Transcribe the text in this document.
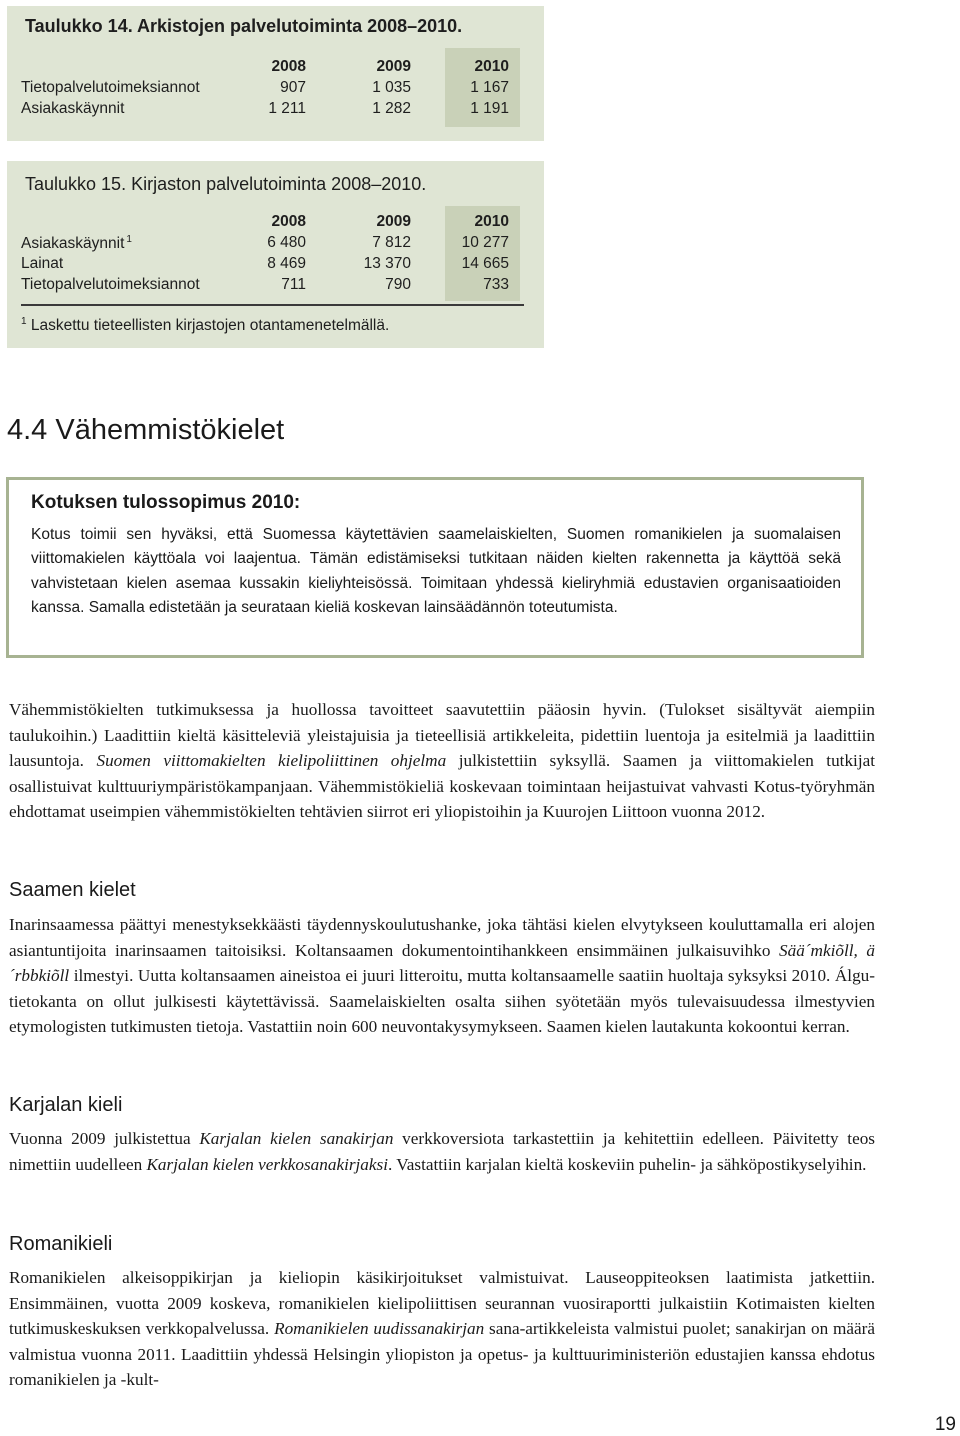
Taulukko 14. Arkistojen palvelutoiminta 2008–2010.
2008	2009	2010
Tietopalvelutoimeksiannot	907	1 035	1 167
Asiakaskäynnit	1 211	1 282	1 191
Taulukko 15. Kirjaston palvelutoiminta 2008–2010.
2008	2009	2010
Asiakaskäynnit $^1$	6 480	7 812	10 277
Lainat	8 469	13 370	14 665
Tietopalvelutoimeksiannot	711	790	733
$^1$ Laskettu tieteellisten kirjastojen otantamenetelmällä.
4.4 Vähemmistökielet
Kotuksen tulossopimus 2010:
Kotus toimii sen hyväksi, että Suomessa käytettävien saamelaiskielten, Suomen romanikielen ja suomalaisen viittomakielen käyttöala voi laajentua. Tämän edistämiseksi tutkitaan näiden kielten rakennetta ja käyttöä sekä vahvistetaan kielen asemaa kussakin kieliyhteisössä. Toimitaan yhdessä kieliryhmiä edustavien organisaatioiden kanssa. Samalla edistetään ja seurataan kieliä koskevan lainsäädännön toteutumista.

Vähemmistökielten tutkimuksessa ja huollossa tavoitteet saavutettiin pääosin hyvin. (Tulokset sisältyvät aiempiin taulukoihin.) Laadittiin kieltä käsitteleviä yleistajuisia ja tieteellisiä artikkeleita, pidettiin luentoja ja esitelmiä ja laadittiin lausuntoja. Suomen viittomakielten kielipoliittinen ohjelma julkistettiin syksyllä. Saamen ja viittomakielen tutkijat osallistuivat kulttuuriympäristökampanjaan. Vähemmistökieliä koskevaan toimintaan heijastuivat vahvasti Kotus-työryhmän ehdottamat useimpien vähemmistökielten tehtävien siirrot eri yliopistoihin ja Kuurojen Liittoon vuonna 2012.

Saamen kielet

Inarinsaamessa päättyi menestyksekkäästi täydennyskoulutushanke, joka tähtäsi kielen elvytykseen kouluttamalla eri alojen asiantuntijoita inarinsaamen taitoisiksi. Koltansaamen dokumentointihankkeen ensimmäinen julkaisuvihko Sää´mkiõll, ä´rbbkiõll ilmestyi. Uutta koltansaamen aineistoa ei juuri litteroitu, mutta koltansaamelle saatiin huoltaja syksyksi 2010. Álgu-tietokanta on ollut julkisesti käytettävissä. Saamelaiskielten osalta siihen syötetään myös tulevaisuudessa ilmestyvien etymologisten tutkimusten tietoja. Vastattiin noin 600 neuvontakysymykseen. Saamen kielen lautakunta kokoontui kerran.

Karjalan kieli

Vuonna 2009 julkistettua Karjalan kielen sanakirjan verkkoversiota tarkastettiin ja kehitettiin edelleen. Päivitetty teos nimettiin uudelleen Karjalan kielen verkkosanakirjaksi. Vastattiin karjalan kieltä koskeviin puhelin- ja sähköpostikyselyihin.

Romanikieli

Romanikielen alkeisoppikirjan ja kieliopin käsikirjoitukset valmistuivat. Lauseoppiteoksen laatimista jatkettiin. Ensimmäinen, vuotta 2009 koskeva, romanikielen kielipoliittisen seurannan vuosiraportti julkaistiin Kotimaisten kielten tutkimuskeskuksen verkkopalvelussa. Romanikielen uudissanakirjan sana-artikkeleista valmistui puolet; sanakirjan on määrä valmistua vuonna 2011. Laadittiin yhdessä Helsingin yliopiston ja opetus- ja kulttuuriministeriön edustajien kanssa ehdotus romanikielen ja -kult-

19
